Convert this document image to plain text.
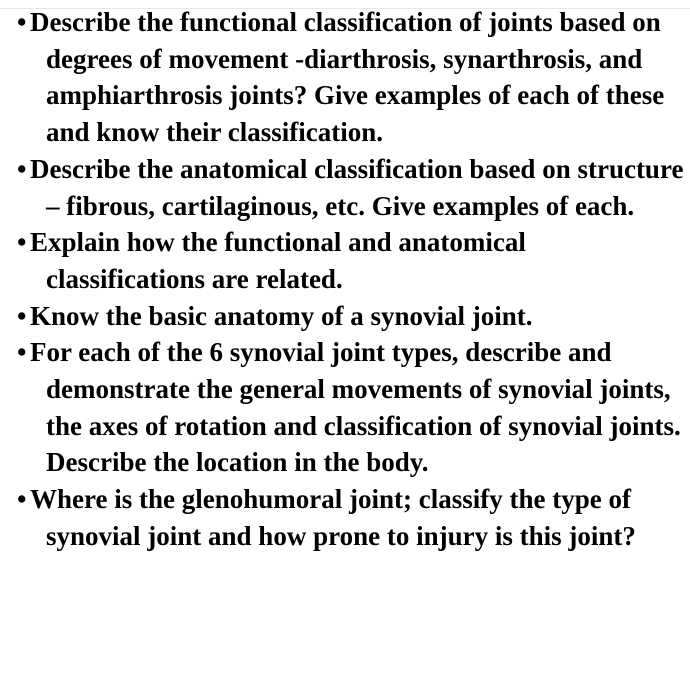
• Describe the functional classification of joints based on degrees of movement -diarthrosis, synarthrosis, and amphiarthrosis joints? Give examples of each of these and know their classification.
• Describe the anatomical classification based on structure – fibrous, cartilaginous, etc. Give examples of each.
• Explain how the functional and anatomical classifications are related.
• Know the basic anatomy of a synovial joint.
• For each of the 6 synovial joint types, describe and demonstrate the general movements of synovial joints, the axes of rotation and classification of synovial joints. Describe the location in the body.
• Where is the glenohumoral joint; classify the type of synovial joint and how prone to injury is this joint?
